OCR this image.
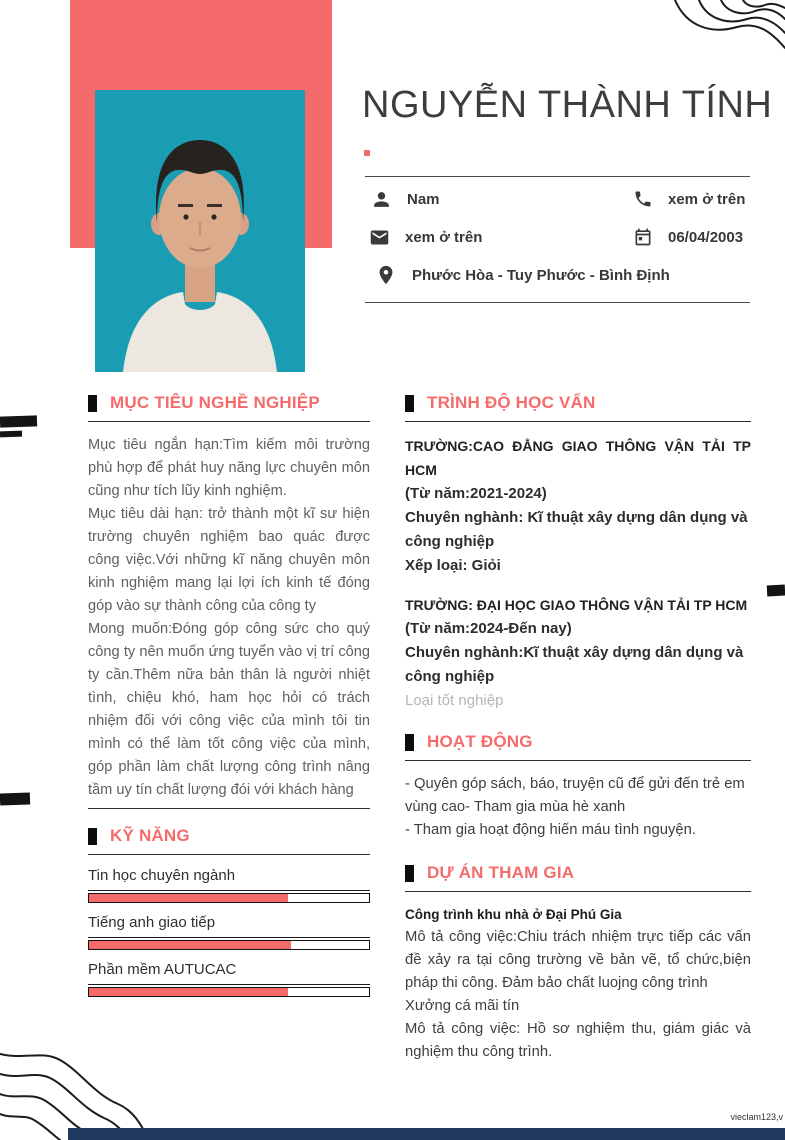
NGUYỄN THÀNH TÍNH
Nam	xem ở trên
xem ở trên	06/04/2003
Phước Hòa - Tuy Phước - Bình Định
MỤC TIÊU NGHỀ NGHIỆP

Mục tiêu ngắn hạn:Tìm kiếm môi trường phù hợp để phát huy năng lực chuyên môn cũng như tích lũy kinh nghiệm.

Mục tiêu dài hạn: trở thành một kĩ sư hiện trường chuyên nghiệm bao quác được công việc.Với những kĩ năng chuyên môn kinh nghiệm mang lại lợi ích kinh tế đóng góp vào sự thành công của công ty

Mong muốn:Đóng góp công sức cho quý công ty nên muốn ứng tuyển vào vị trí công ty cần.Thêm nữa bản thân là người nhiệt tình, chiệu khó, ham học hỏi có trách nhiệm đối với công việc của mình tôi tin mình có thể làm tốt công việc của mình, góp phần làm chất lượng công trình nâng tầm uy tín chất lượng đói với khách hàng

KỸ NĂNG
Tin học chuyên ngành
Tiếng anh giao tiếp
Phần mềm AUTUCAC
TRÌNH ĐỘ HỌC VẤN

TRƯỜNG:CAO ĐẲNG GIAO THÔNG VẬN TẢI TP HCM

(Từ năm:2021-2024)

Chuyên nghành: Kĩ thuật xây dựng dân dụng và công nghiệp

Xếp loại: Giỏi

TRƯỜNG: ĐẠI HỌC GIAO THÔNG VẬN TẢI TP HCM

(Từ năm:2024-Đến nay)

Chuyên nghành:Kĩ thuật xây dựng dân dụng và công nghiệp

Loại tốt nghiệp

HOẠT ĐỘNG

- Quyên góp sách, báo, truyện cũ để gửi đến trẻ em vùng cao- Tham gia mùa hè xanh

- Tham gia hoạt động hiến máu tình nguyện.

DỰ ÁN THAM GIA

Công trình khu nhà ở Đại Phú Gia

Mô tả công việc:Chiu trách nhiệm trực tiếp các vấn đề xảy ra tại công trường về bản vẽ, tổ chức,biện pháp thi công. Đảm bảo chất luojng công trình

Xưởng cá mãi tín

Mô tả công việc: Hồ sơ nghiệm thu, giám giác và nghiệm thu công trình.

vieclam123,v
